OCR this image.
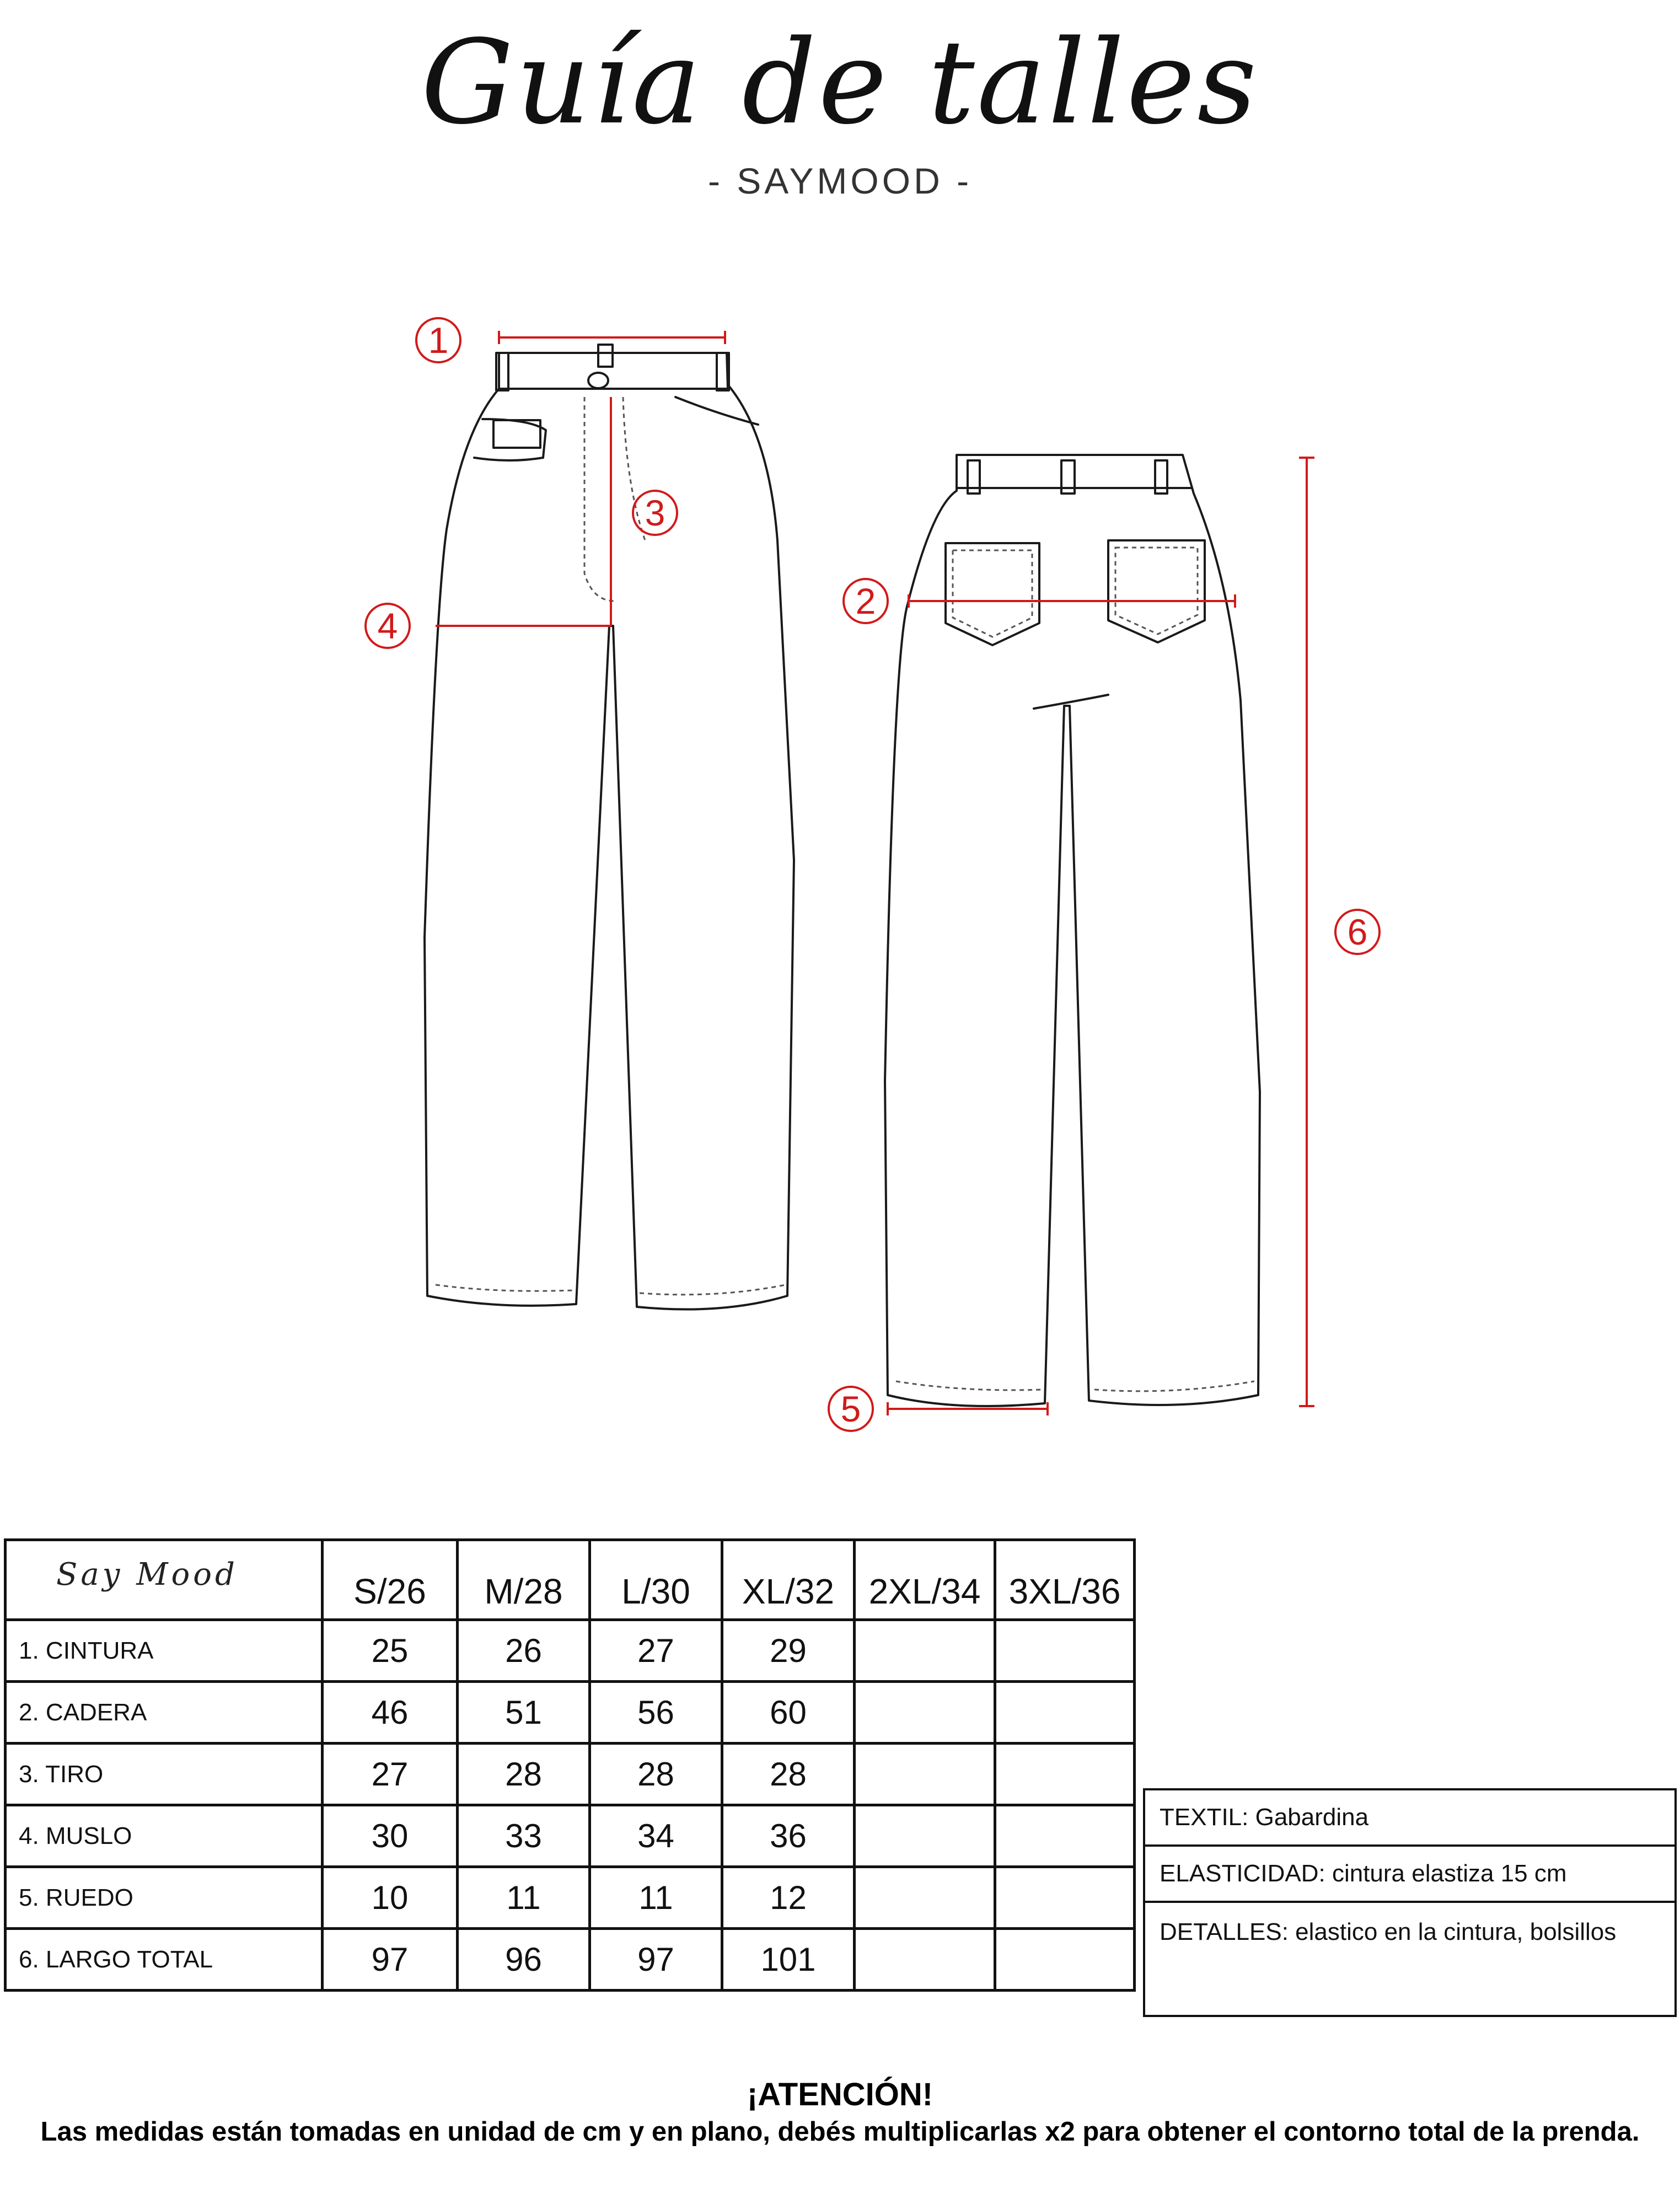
Guía de talles
- SAYMOOD -
1
3
4
2
6
5
Say Mood	S/26	M/28	L/30	XL/32	2XL/34	3XL/36
1. CINTURA	25	26	27	29		
2. CADERA	46	51	56	60		
3. TIRO	27	28	28	28		
4. MUSLO	30	33	34	36		
5. RUEDO	10	11	11	12		
6. LARGO TOTAL	97	96	97	101		
TEXTIL: Gabardina
ELASTICIDAD: cintura elastiza 15 cm
DETALLES: elastico en la cintura, bolsillos
¡ATENCIÓN!
Las medidas están tomadas en unidad de cm y en plano, debés multiplicarlas x2 para obtener el contorno total de la prenda.
